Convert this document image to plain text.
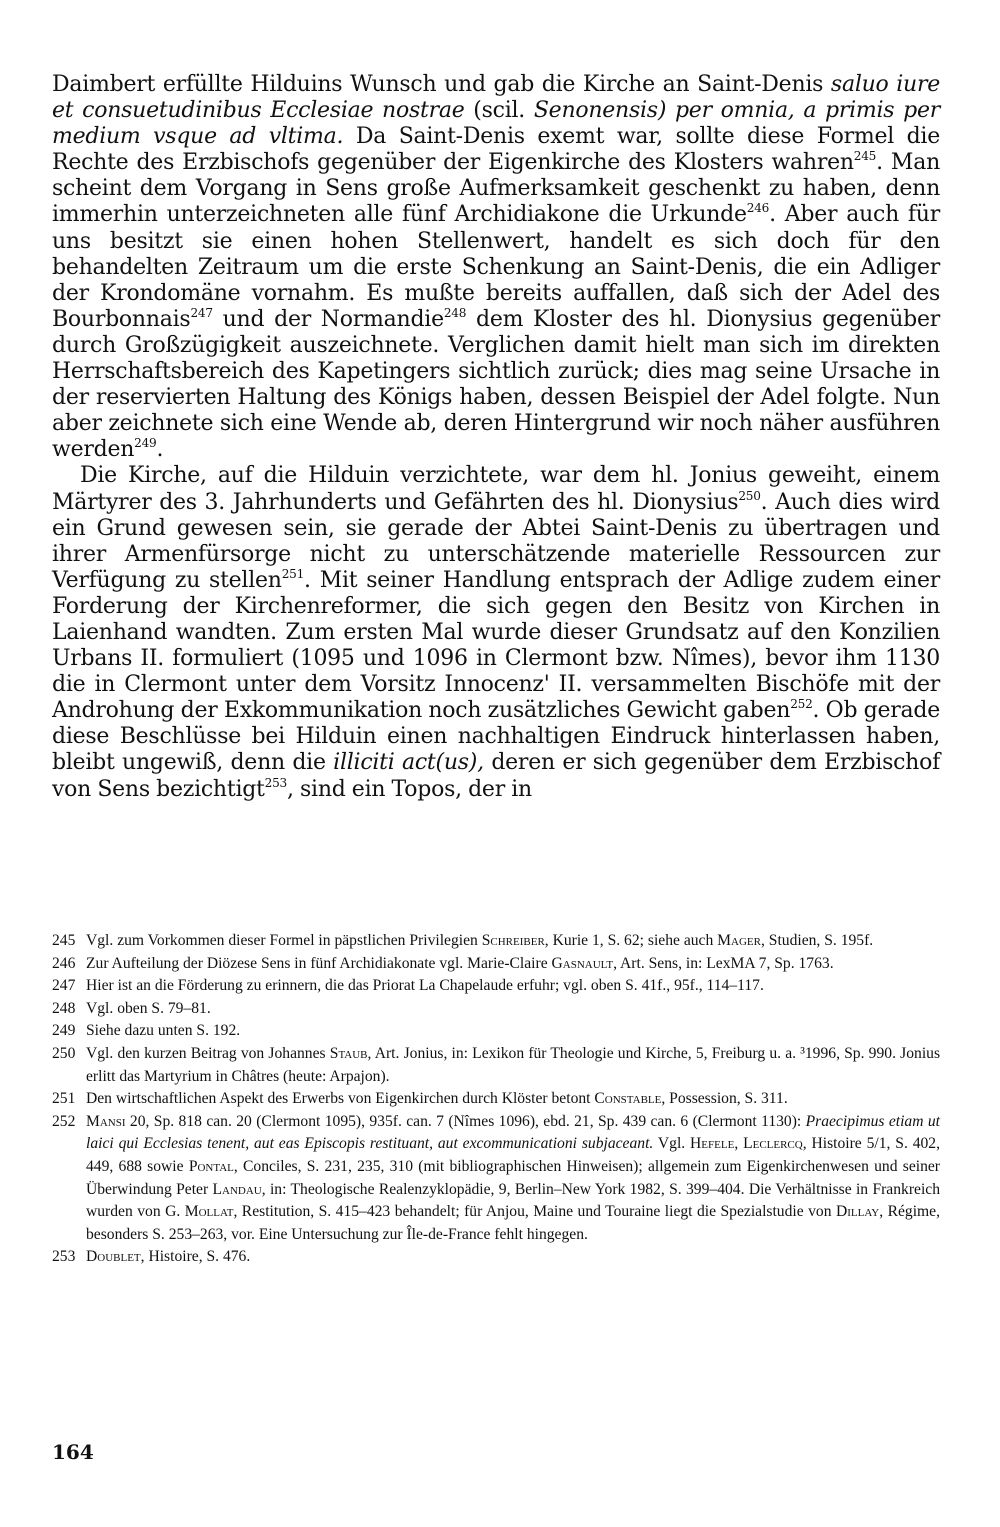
Daimbert erfüllte Hilduins Wunsch und gab die Kirche an Saint-Denis saluo iure et consuetudinibus Ecclesiae nostrae (scil. Senonensis) per omnia, a primis per medium vsque ad vltima. Da Saint-Denis exemt war, sollte diese Formel die Rechte des Erzbischofs gegenüber der Eigenkirche des Klosters wahren$^{245}$. Man scheint dem Vorgang in Sens große Aufmerksamkeit geschenkt zu haben, denn immerhin unterzeichneten alle fünf Archidiakone die Urkunde$^{246}$. Aber auch für uns besitzt sie einen hohen Stellenwert, handelt es sich doch für den behandelten Zeitraum um die erste Schenkung an Saint-Denis, die ein Adliger der Krondomäne vornahm. Es mußte bereits auffallen, daß sich der Adel des Bourbonnais$^{247}$ und der Normandie$^{248}$ dem Kloster des hl. Dionysius gegenüber durch Großzügigkeit auszeichnete. Verglichen damit hielt man sich im direkten Herrschaftsbereich des Kapetingers sichtlich zurück; dies mag seine Ursache in der reservierten Haltung des Königs haben, dessen Beispiel der Adel folgte. Nun aber zeichnete sich eine Wende ab, deren Hintergrund wir noch näher ausführen werden$^{249}$.

Die Kirche, auf die Hilduin verzichtete, war dem hl. Jonius geweiht, einem Märtyrer des 3. Jahrhunderts und Gefährten des hl. Dionysius$^{250}$. Auch dies wird ein Grund gewesen sein, sie gerade der Abtei Saint-Denis zu übertragen und ihrer Armenfürsorge nicht zu unterschätzende materielle Ressourcen zur Verfügung zu stellen$^{251}$. Mit seiner Handlung entsprach der Adlige zudem einer Forderung der Kirchenreformer, die sich gegen den Besitz von Kirchen in Laienhand wandten. Zum ersten Mal wurde dieser Grundsatz auf den Konzilien Urbans II. formuliert (1095 und 1096 in Clermont bzw. Nîmes), bevor ihm 1130 die in Clermont unter dem Vorsitz Innocenz' II. versammelten Bischöfe mit der Androhung der Exkommunikation noch zusätzliches Gewicht gaben$^{252}$. Ob gerade diese Beschlüsse bei Hilduin einen nachhaltigen Eindruck hinterlassen haben, bleibt ungewiß, denn die illiciti act(us), deren er sich gegenüber dem Erzbischof von Sens bezichtigt$^{253}$, sind ein Topos, der in

245 Vgl. zum Vorkommen dieser Formel in päpstlichen Privilegien Schreiber, Kurie 1, S. 62; siehe auch Mager, Studien, S. 195f.
246 Zur Aufteilung der Diözese Sens in fünf Archidiakonate vgl. Marie-Claire Gasnault, Art. Sens, in: LexMA 7, Sp. 1763.
247 Hier ist an die Förderung zu erinnern, die das Priorat La Chapelaude erfuhr; vgl. oben S. 41f., 95f., 114–117.
248 Vgl. oben S. 79–81.
249 Siehe dazu unten S. 192.
250 Vgl. den kurzen Beitrag von Johannes Staub, Art. Jonius, in: Lexikon für Theologie und Kirche, 5, Freiburg u. a. ³1996, Sp. 990. Jonius erlitt das Martyrium in Châtres (heute: Arpajon).
251 Den wirtschaftlichen Aspekt des Erwerbs von Eigenkirchen durch Klöster betont Constable, Possession, S. 311.
252 Mansi 20, Sp. 818 can. 20 (Clermont 1095), 935f. can. 7 (Nîmes 1096), ebd. 21, Sp. 439 can. 6 (Clermont 1130): Praecipimus etiam ut laici qui Ecclesias tenent, aut eas Episcopis restituant, aut excommunicationi subjaceant. Vgl. Hefele, Leclercq, Histoire 5/1, S. 402, 449, 688 sowie Pontal, Conciles, S. 231, 235, 310 (mit bibliographischen Hinweisen); allgemein zum Eigenkirchenwesen und seiner Überwindung Peter Landau, in: Theologische Realenzyklopädie, 9, Berlin–New York 1982, S. 399–404. Die Verhältnisse in Frankreich wurden von G. Mollat, Restitution, S. 415–423 behandelt; für Anjou, Maine und Touraine liegt die Spezialstudie von Dillay, Régime, besonders S. 253–263, vor. Eine Untersuchung zur Île-de-France fehlt hingegen.
253 Doublet, Histoire, S. 476.
164
